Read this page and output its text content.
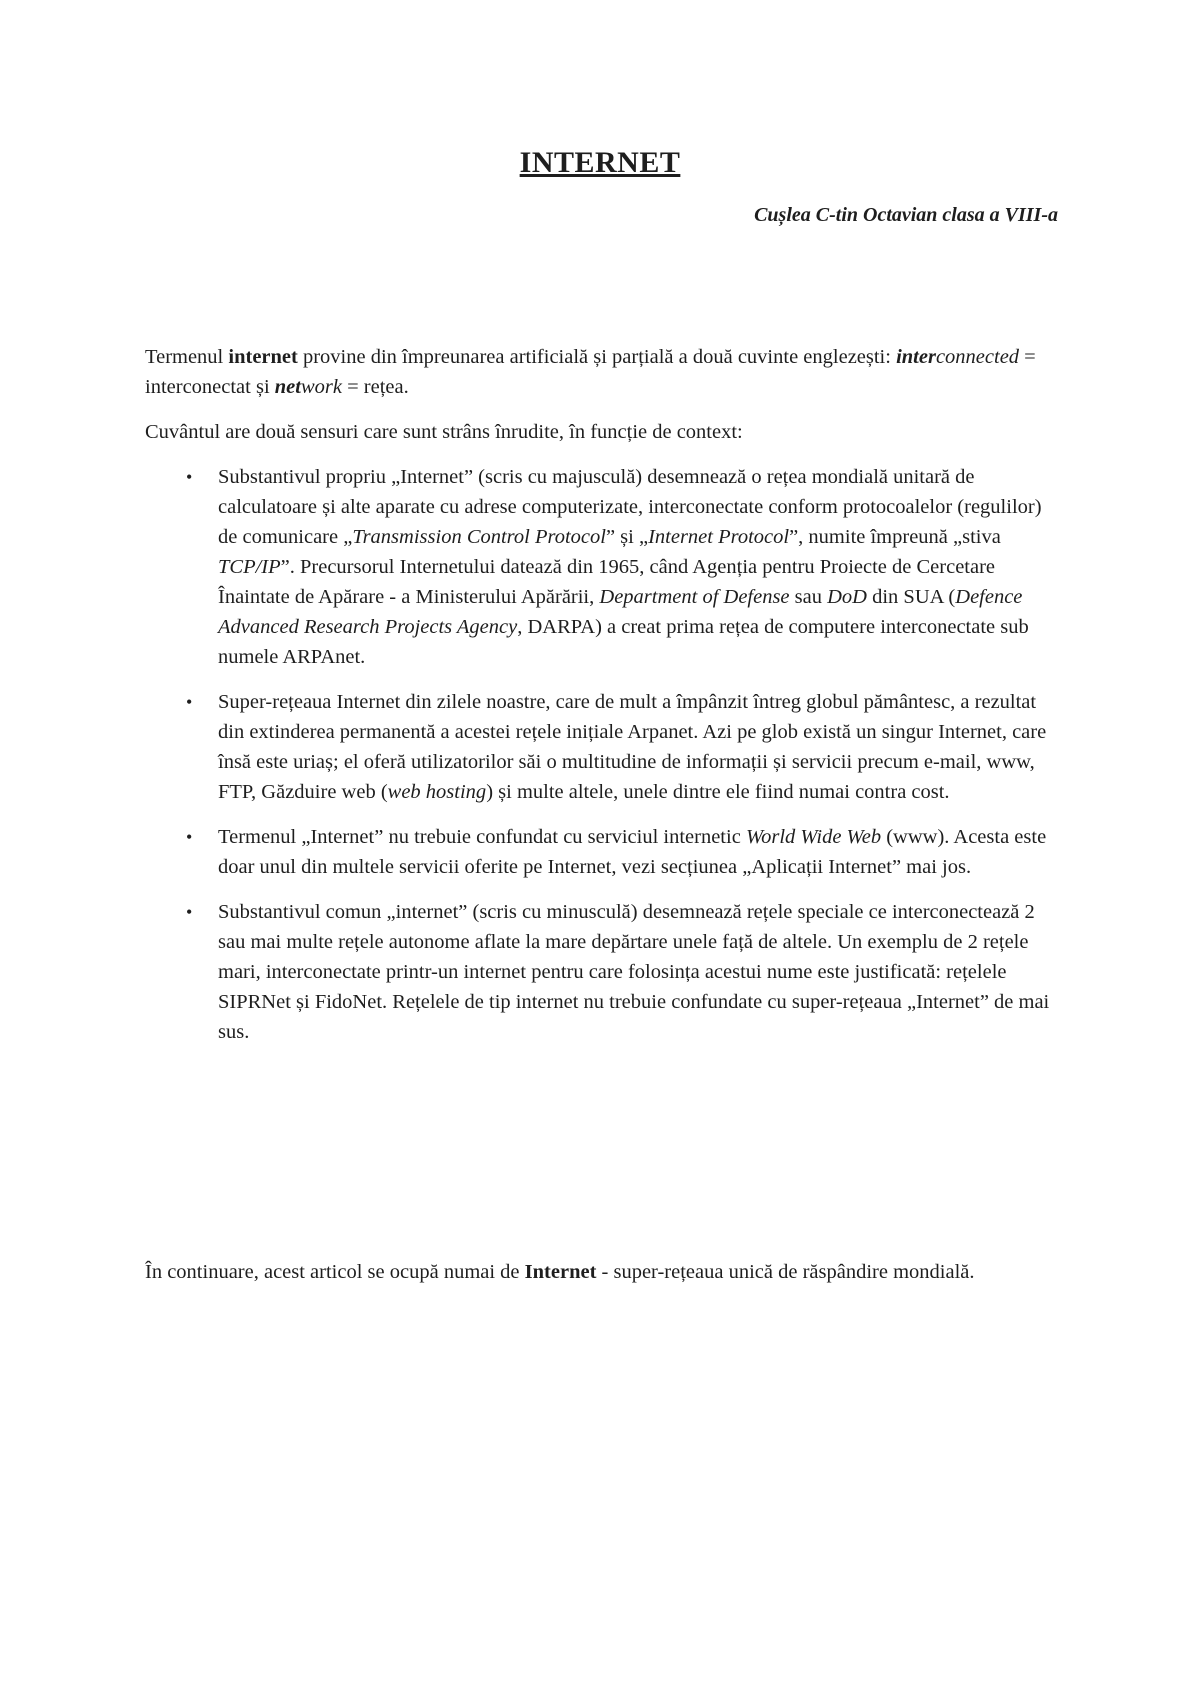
INTERNET
Cușlea C-tin Octavian clasa a VIII-a

Termenul internet provine din împreunarea artificială și parțială a două cuvinte englezești: interconnected = interconectat și network = rețea.

Cuvântul are două sensuri care sunt strâns înrudite, în funcție de context:

• Substantivul propriu „Internet” (scris cu majusculă) desemnează o rețea mondială unitară de calculatoare și alte aparate cu adrese computerizate, interconectate conform protocoalelor (regulilor) de comunicare „Transmission Control Protocol” și „Internet Protocol”, numite împreună „stiva TCP/IP”. Precursorul Internetului datează din 1965, când Agenția pentru Proiecte de Cercetare Înaintate de Apărare - a Ministerului Apărării, Department of Defense sau DoD din SUA (Defence Advanced Research Projects Agency, DARPA) a creat prima rețea de computere interconectate sub numele ARPAnet.
• Super-rețeaua Internet din zilele noastre, care de mult a împânzit întreg globul pământesc, a rezultat din extinderea permanentă a acestei rețele inițiale Arpanet. Azi pe glob există un singur Internet, care însă este uriaș; el oferă utilizatorilor săi o multitudine de informații și servicii precum e-mail, www, FTP, Găzduire web (web hosting) și multe altele, unele dintre ele fiind numai contra cost.
• Termenul „Internet” nu trebuie confundat cu serviciul internetic World Wide Web (www). Acesta este doar unul din multele servicii oferite pe Internet, vezi secțiunea „Aplicații Internet” mai jos.
• Substantivul comun „internet” (scris cu minusculă) desemnează rețele speciale ce interconectează 2 sau mai multe rețele autonome aflate la mare depărtare unele față de altele. Un exemplu de 2 rețele mari, interconectate printr-un internet pentru care folosința acestui nume este justificată: rețelele SIPRNet și FidoNet. Rețelele de tip internet nu trebuie confundate cu super-rețeaua „Internet” de mai sus.

În continuare, acest articol se ocupă numai de Internet - super-rețeaua unică de răspândire mondială.
